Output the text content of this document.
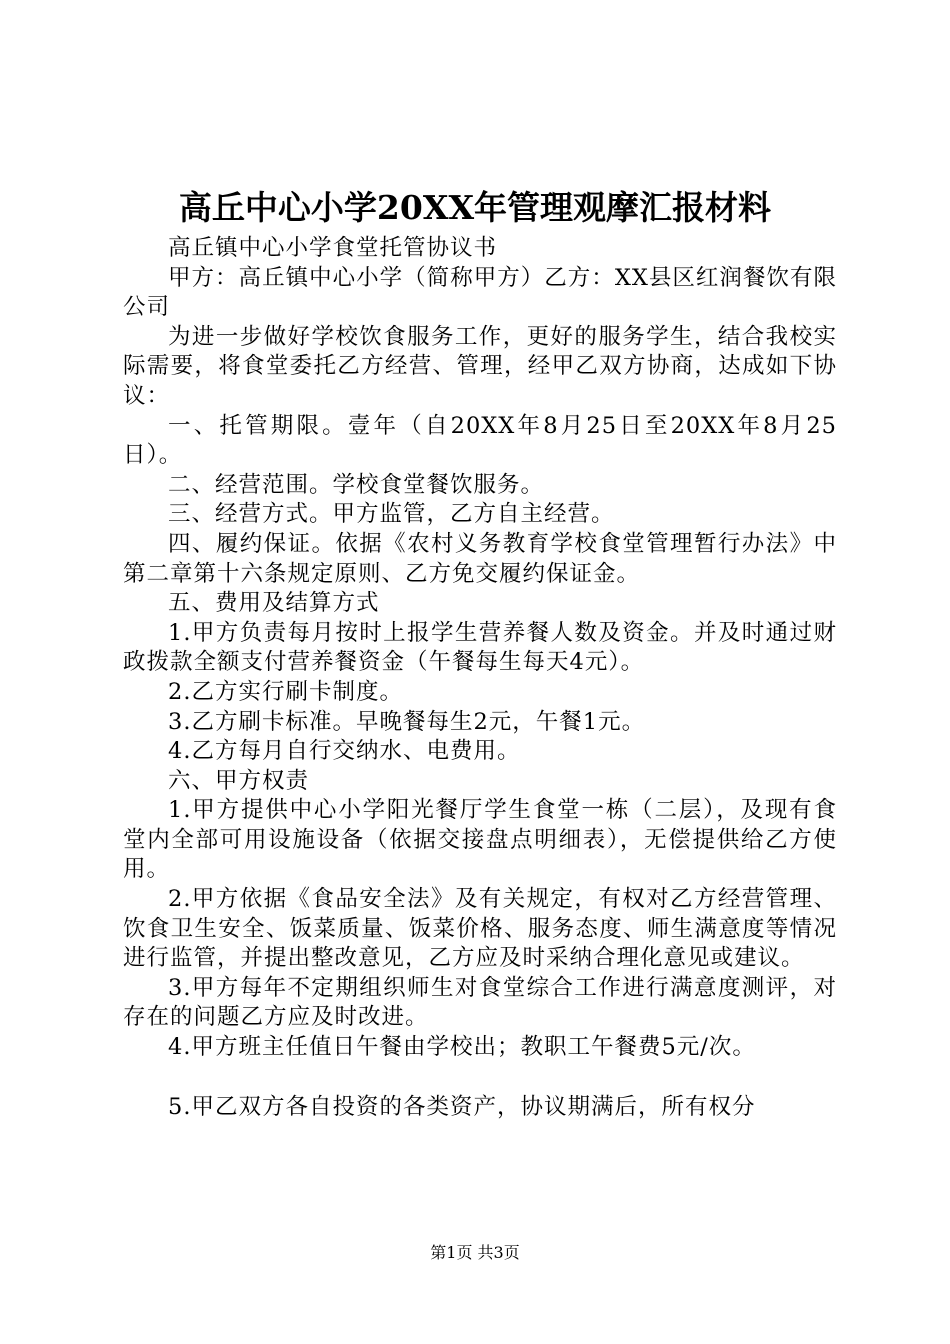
高丘中心小学20XX年管理观摩汇报材料

高丘镇中心小学食堂托管协议书

甲方：高丘镇中心小学（简称甲方）乙方：XX县区红润餐饮有限公司

为进一步做好学校饮食服务工作，更好的服务学生，结合我校实际需要，将食堂委托乙方经营、管理，经甲乙双方协商，达成如下协议：

一、托管期限。壹年（自20XX年8月25日至20XX年8月25日）。

二、经营范围。学校食堂餐饮服务。

三、经营方式。甲方监管，乙方自主经营。

四、履约保证。依据《农村义务教育学校食堂管理暂行办法》中第二章第十六条规定原则、乙方免交履约保证金。

五、费用及结算方式

1.甲方负责每月按时上报学生营养餐人数及资金。并及时通过财政拨款全额支付营养餐资金（午餐每生每天4元）。

2.乙方实行刷卡制度。

3.乙方刷卡标准。早晚餐每生2元，午餐1元。

4.乙方每月自行交纳水、电费用。

六、甲方权责

1.甲方提供中心小学阳光餐厅学生食堂一栋（二层），及现有食堂内全部可用设施设备（依据交接盘点明细表），无偿提供给乙方使用。

2.甲方依据《食品安全法》及有关规定，有权对乙方经营管理、饮食卫生安全、饭菜质量、饭菜价格、服务态度、师生满意度等情况进行监管，并提出整改意见，乙方应及时采纳合理化意见或建议。

3.甲方每年不定期组织师生对食堂综合工作进行满意度测评，对存在的问题乙方应及时改进。

4.甲方班主任值日午餐由学校出；教职工午餐费5元/次。

5.甲乙双方各自投资的各类资产，协议期满后，所有权分

第1页 共3页
